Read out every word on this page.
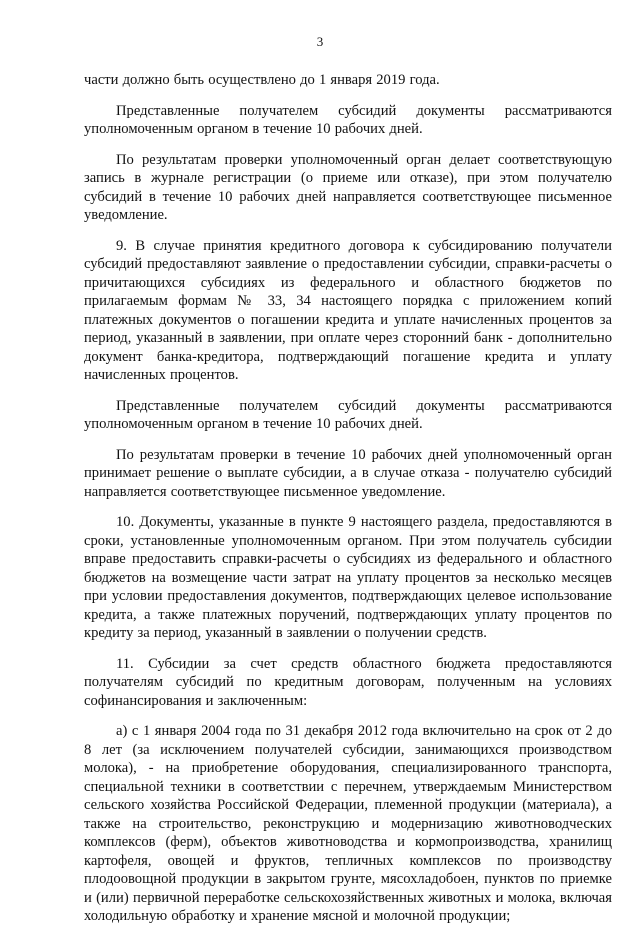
3

части должно быть осуществлено до 1 января 2019 года.

Представленные получателем субсидий документы рассматриваются уполномоченным органом в течение 10 рабочих дней.

По результатам проверки уполномоченный орган делает соответствующую запись в журнале регистрации (о приеме или отказе), при этом получателю субсидий в течение 10 рабочих дней направляется соответствующее письменное уведомление.

9. В случае принятия кредитного договора к субсидированию получатели субсидий предоставляют заявление о предоставлении субсидии, справки-расчеты о причитающихся субсидиях из федерального и областного бюджетов по прилагаемым формам № 33, 34 настоящего порядка с приложением копий платежных документов о погашении кредита и уплате начисленных процентов за период, указанный в заявлении, при оплате через сторонний банк - дополнительно документ банка-кредитора, подтверждающий погашение кредита и уплату начисленных процентов.

Представленные получателем субсидий документы рассматриваются уполномоченным органом в течение 10 рабочих дней.

По результатам проверки в течение 10 рабочих дней уполномоченный орган принимает решение о выплате субсидии, а в случае отказа - получателю субсидий направляется соответствующее письменное уведомление.

10. Документы, указанные в пункте 9 настоящего раздела, предоставляются в сроки, установленные уполномоченным органом. При этом получатель субсидии вправе предоставить справки-расчеты о субсидиях из федерального и областного бюджетов на возмещение части затрат на уплату процентов за несколько месяцев при условии предоставления документов, подтверждающих целевое использование кредита, а также платежных поручений, подтверждающих уплату процентов по кредиту за период, указанный в заявлении о получении средств.

11. Субсидии за счет средств областного бюджета предоставляются получателям субсидий по кредитным договорам, полученным на условиях софинансирования и заключенным:

а) с 1 января 2004 года по 31 декабря 2012 года включительно на срок от 2 до 8 лет (за исключением получателей субсидии, занимающихся производством молока), - на приобретение оборудования, специализированного транспорта, специальной техники в соответствии с перечнем, утверждаемым Министерством сельского хозяйства Российской Федерации, племенной продукции (материала), а также на строительство, реконструкцию и модернизацию животноводческих комплексов (ферм), объектов животноводства и кормопроизводства, хранилищ картофеля, овощей и фруктов, тепличных комплексов по производству плодоовощной продукции в закрытом грунте, мясохладобоен, пунктов по приемке и (или) первичной переработке сельскохозяйственных животных и молока, включая холодильную обработку и хранение мясной и молочной продукции;
